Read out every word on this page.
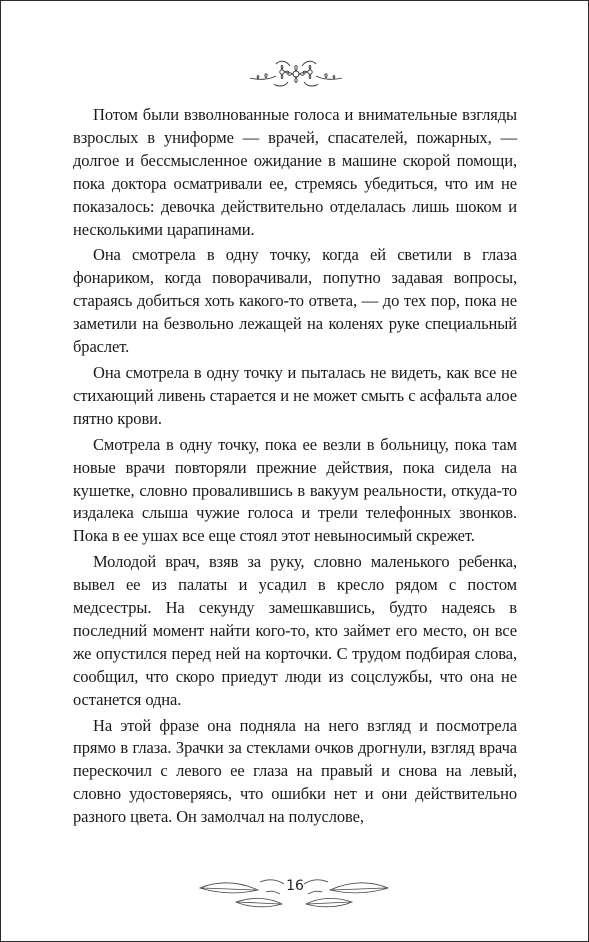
Потом были взволнованные голоса и внимательные взгляды взрослых в униформе — врачей, спасателей, пожарных, — долгое и бессмысленное ожидание в машине скорой помощи, пока доктора осматривали ее, стремясь убедиться, что им не показалось: девочка действительно отделалась лишь шоком и несколькими царапинами.

Она смотрела в одну точку, когда ей светили в глаза фонариком, когда поворачивали, попутно задавая вопросы, стараясь добиться хоть какого-то ответа, — до тех пор, пока не заметили на безвольно лежащей на коленях руке специальный браслет.

Она смотрела в одну точку и пыталась не видеть, как все не стихающий ливень старается и не может смыть с асфальта алое пятно крови.

Смотрела в одну точку, пока ее везли в больницу, пока там новые врачи повторяли прежние действия, пока сидела на кушетке, словно провалившись в вакуум реальности, откуда-то издалека слыша чужие голоса и трели телефонных звонков. Пока в ее ушах все еще стоял этот невыносимый скрежет.

Молодой врач, взяв за руку, словно маленького ребенка, вывел ее из палаты и усадил в кресло рядом с постом медсестры. На секунду замешкавшись, будто надеясь в последний момент найти кого-то, кто займет его место, он все же опустился перед ней на корточки. С трудом подбирая слова, сообщил, что скоро приедут люди из соцслужбы, что она не останется одна.

На этой фразе она подняла на него взгляд и посмотрела прямо в глаза. Зрачки за стеклами очков дрогнули, взгляд врача перескочил с левого ее глаза на правый и снова на левый, словно удостоверяясь, что ошибки нет и они действительно разного цвета. Он замолчал на полуслове,

16
